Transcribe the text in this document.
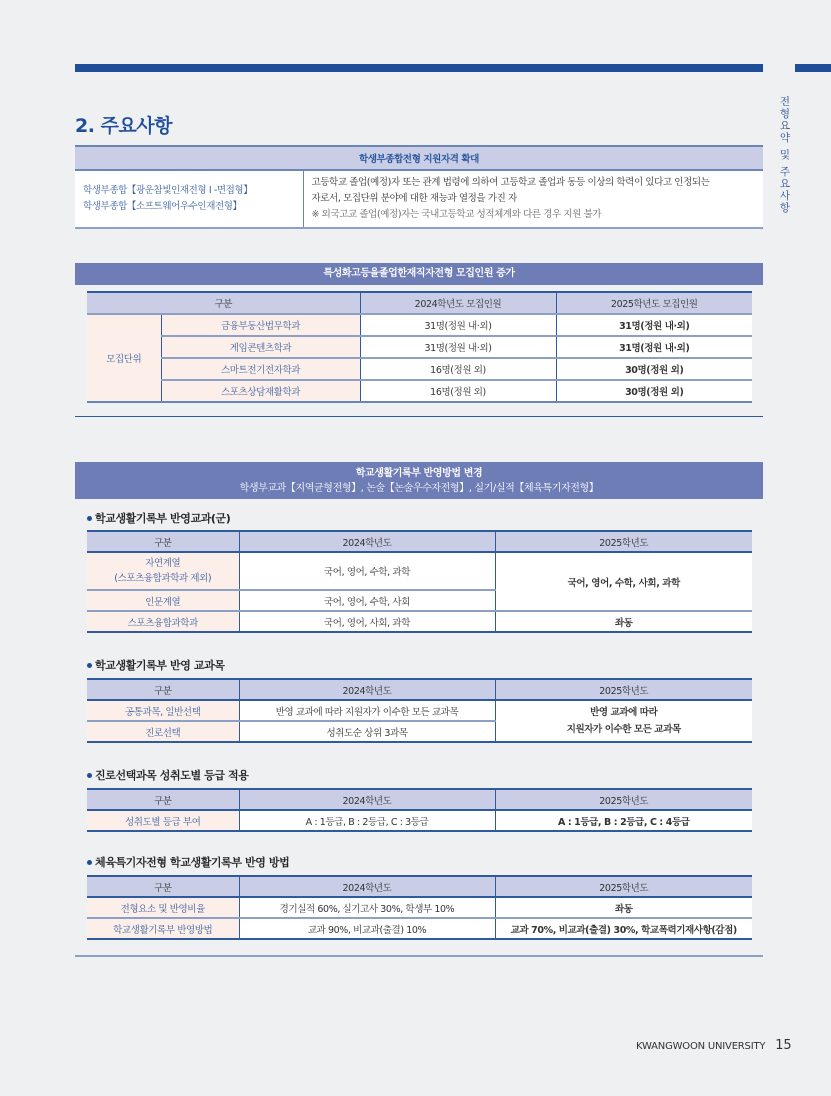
전
형
요
약
및
주
요
사
항
2. 주요사항
학생부종합전형 지원자격 확대

학생부종합【광운참빛인재전형 Ⅰ -면접형】
학생부종합【소프트웨어우수인재전형】

고등학교 졸업(예정)자 또는 관계 법령에 의하여 고등학교 졸업과 동등 이상의 학력이 있다고 인정되는
자로서, 모집단위 분야에 대한 재능과 열정을 가진 자
※ 외국고교 졸업(예정)자는 국내고등학교 성적체계와 다른 경우 지원 불가
특성화고등을졸업한재직자전형 모집인원 증가
구분		2024학년도 모집인원	2025학년도 모집인원
모집단위	금융부동산법무학과	31명(정원 내·외)	31명(정원 내·외)
	게임콘텐츠학과	31명(정원 내·외)	31명(정원 내·외)
	스마트전기전자학과	16명(정원 외)	30명(정원 외)
	스포츠상담재활학과	16명(정원 외)	30명(정원 외)
학교생활기록부 반영방법 변경
학생부교과【지역균형전형】, 논술【논술우수자전형】, 실기/실적【체육특기자전형】
학교생활기록부 반영교과(군)
구분	2024학년도	2025학년도

자연계열
(스포츠융합과학과 제외)	국어, 영어, 수학, 과학	국어, 영어, 수학, 사회, 과학
인문계열	국어, 영어, 수학, 사회	
스포츠융합과학과	국어, 영어, 사회, 과학	좌동
학교생활기록부 반영 교과목
구분	2024학년도	2025학년도
공통과목, 일반선택	반영 교과에 따라 지원자가 이수한 모든 교과목	반영 교과에 따라
지원자가 이수한 모든 교과목

진로선택	성취도순 상위 3과목	
진로선택과목 성취도별 등급 적용
구분	2024학년도	2025학년도
성취도별 등급 부여	A : 1등급, B : 2등급, C : 3등급	A : 1등급, B : 2등급, C : 4등급
체육특기자전형 학교생활기록부 반영 방법
구분	2024학년도	2025학년도
전형요소 및 반영비율	경기실적 60%, 실기고사 30%, 학생부 10%	좌동
학교생활기록부 반영방법	교과 90%, 비교과(출결) 10%	교과 70%, 비교과(출결) 30%, 학교폭력기재사항(감점)
KWANGWOON UNIVERSITY 15
